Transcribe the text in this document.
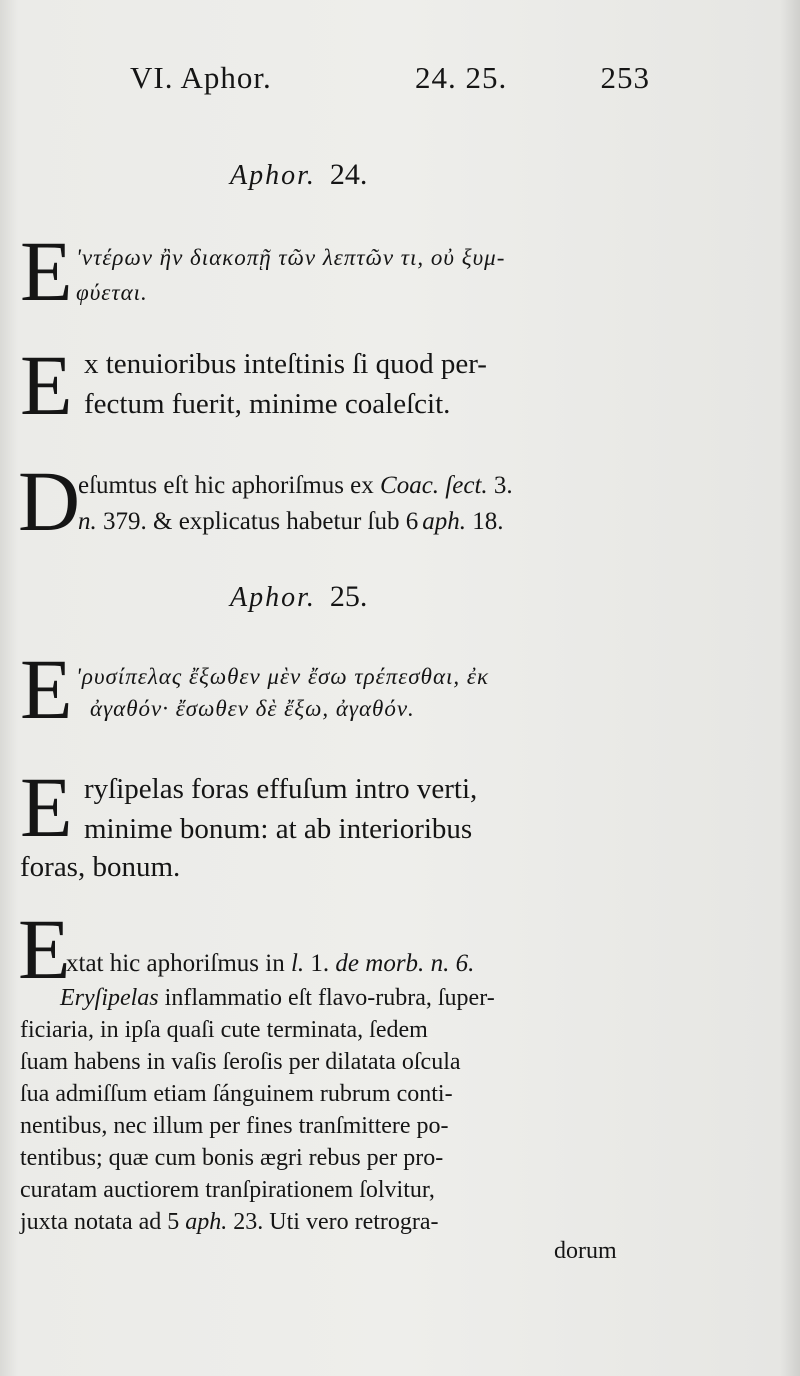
VI. Aphor.	24. 25.	253
Aphor. 24.
E 'ντέρων ἢν διακοπῇ τῶν λεπτῶν τι, οὐ ξυμ-
φύεται.
E x tenuioribus inteſtinis ſi quod per-
fectum fuerit, minime coaleſcit.
D
eſumtus eſt hic aphoriſmus ex Coac. ſect. 3.
n. 379. & explicatus habetur ſub 6 aph. 18.
Aphor. 25.
E 'ρυσίπελας ἔξωθεν μὲν ἔσω τρέπεσθαι, ἐκ
ἀγαθόν· ἔσωθεν δὲ ἔξω, ἀγαθόν.
E ryſipelas foras effuſum intro verti,
minime bonum: at ab interioribus
foras, bonum.
E
xtat hic aphoriſmus in l. 1. de morb. n. 6.
Eryſipelas inflammatio eſt flavo-rubra, ſuper-
ficiaria, in ipſa quaſi cute terminata, ſedem
ſuam habens in vaſis ſeroſis per dilatata oſcula
ſua admiſſum etiam ſánguinem rubrum conti-
nentibus, nec illum per fines tranſmittere po-
tentibus; quæ cum bonis ægri rebus per pro-
curatam auctiorem tranſpirationem ſolvitur,
juxta notata ad 5 aph. 23. Uti vero retrogra-
dorum
